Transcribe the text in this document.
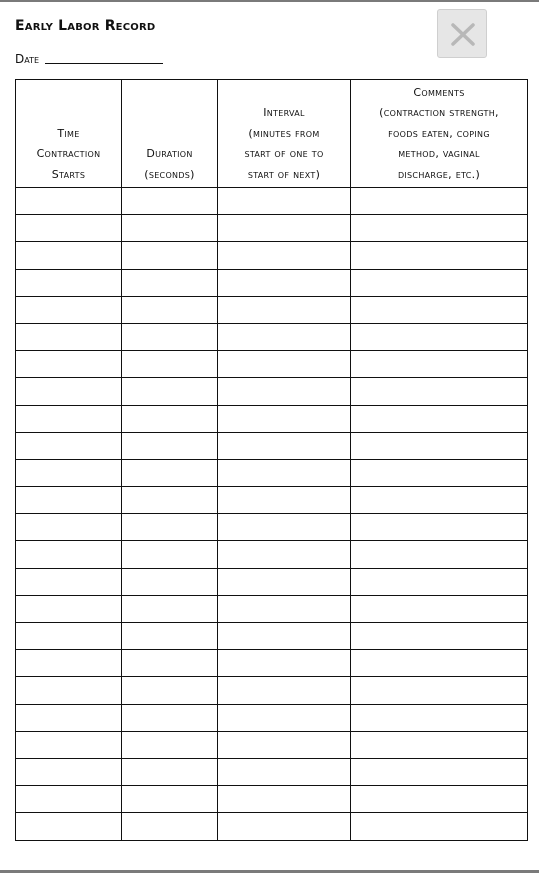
Early Labor Record
Date
Time
Contraction
Starts	Duration
(seconds)	Interval
(minutes from
start of one to
start of next)	Comments
(contraction strength,
foods eaten, coping
method, vaginal
discharge, etc.)
